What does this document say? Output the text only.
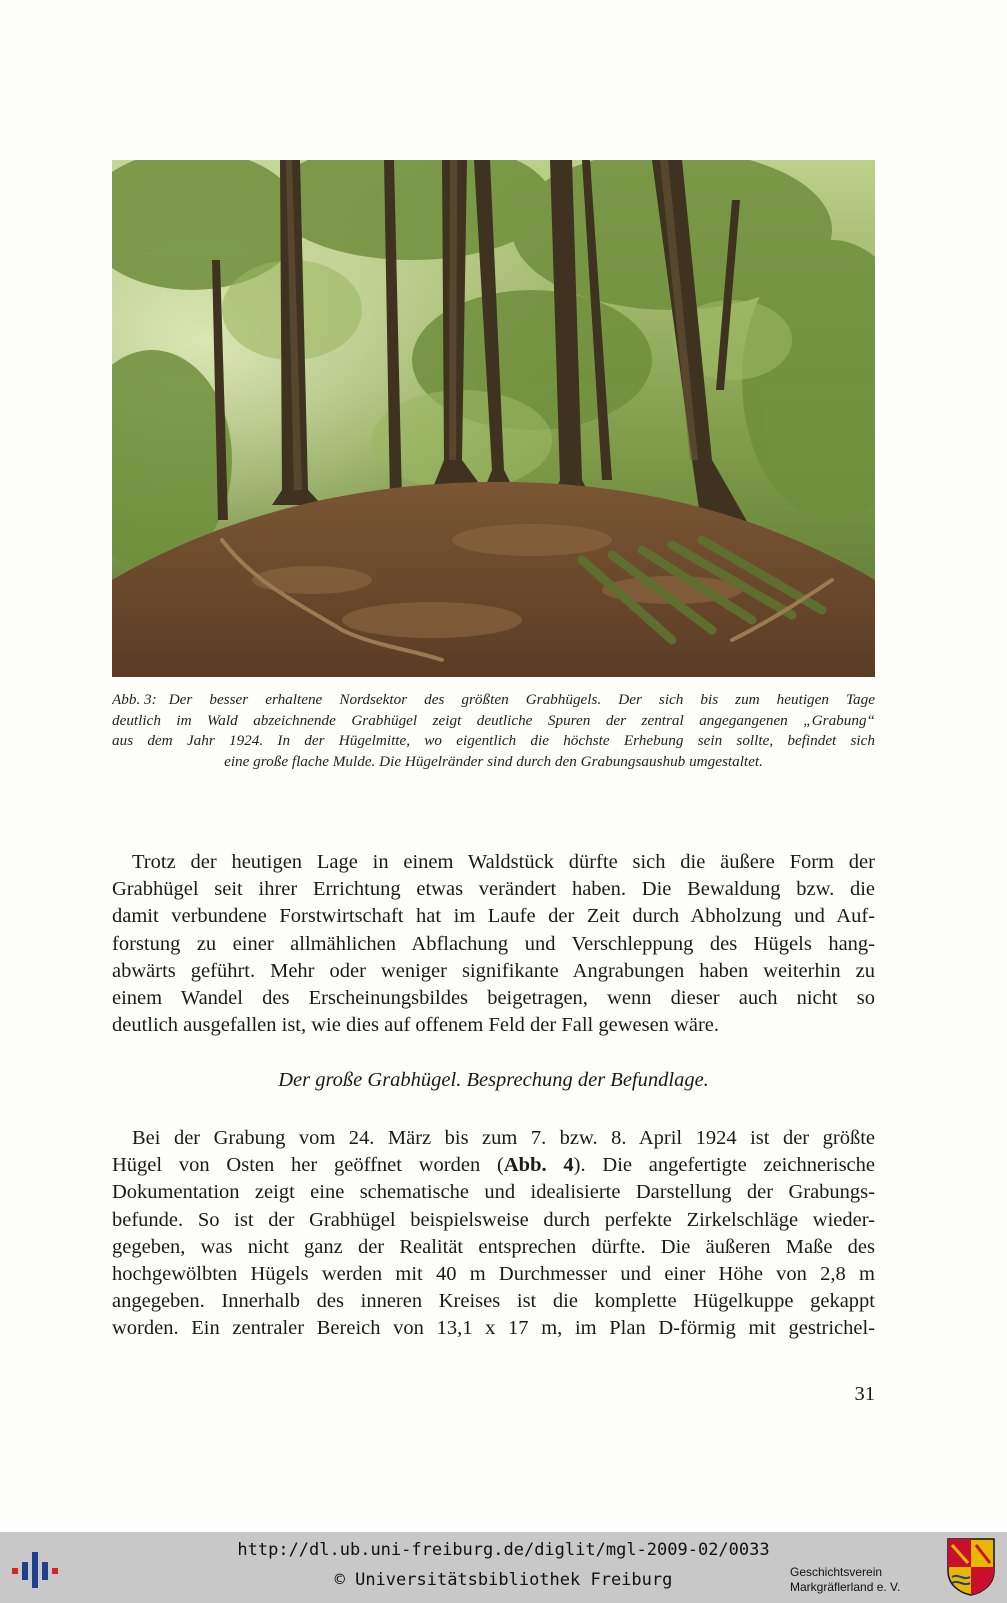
Abb. 3: Der besser erhaltene Nordsektor des größten Grabhügels. Der sich bis zum heutigen Tage
deutlich im Wald abzeichnende Grabhügel zeigt deutliche Spuren der zentral angegangenen „Grabung“
aus dem Jahr 1924. In der Hügelmitte, wo eigentlich die höchste Erhebung sein sollte, befindet sich
eine große flache Mulde. Die Hügelränder sind durch den Grabungsaushub umgestaltet.
Trotz der heutigen Lage in einem Waldstück dürfte sich die äußere Form der
Grabhügel seit ihrer Errichtung etwas verändert haben. Die Bewaldung bzw. die
damit verbundene Forstwirtschaft hat im Laufe der Zeit durch Abholzung und Auf-
forstung zu einer allmählichen Abflachung und Verschleppung des Hügels hang-
abwärts geführt. Mehr oder weniger signifikante Angrabungen haben weiterhin zu
einem Wandel des Erscheinungsbildes beigetragen, wenn dieser auch nicht so
deutlich ausgefallen ist, wie dies auf offenem Feld der Fall gewesen wäre.
Der große Grabhügel. Besprechung der Befundlage.
Bei der Grabung vom 24. März bis zum 7. bzw. 8. April 1924 ist der größte
Hügel von Osten her geöffnet worden (Abb. 4). Die angefertigte zeichnerische
Dokumentation zeigt eine schematische und idealisierte Darstellung der Grabungs-
befunde. So ist der Grabhügel beispielsweise durch perfekte Zirkelschläge wieder-
gegeben, was nicht ganz der Realität entsprechen dürfte. Die äußeren Maße des
hochgewölbten Hügels werden mit 40 m Durchmesser und einer Höhe von 2,8 m
angegeben. Innerhalb des inneren Kreises ist die komplette Hügelkuppe gekappt
worden. Ein zentraler Bereich von 13,1 x 17 m, im Plan D-förmig mit gestrichel-
31
http://dl.ub.uni-freiburg.de/diglit/mgl-2009-02/0033
© Universitätsbibliothek Freiburg	Geschichtsverein
Markgräflerland e. V.
